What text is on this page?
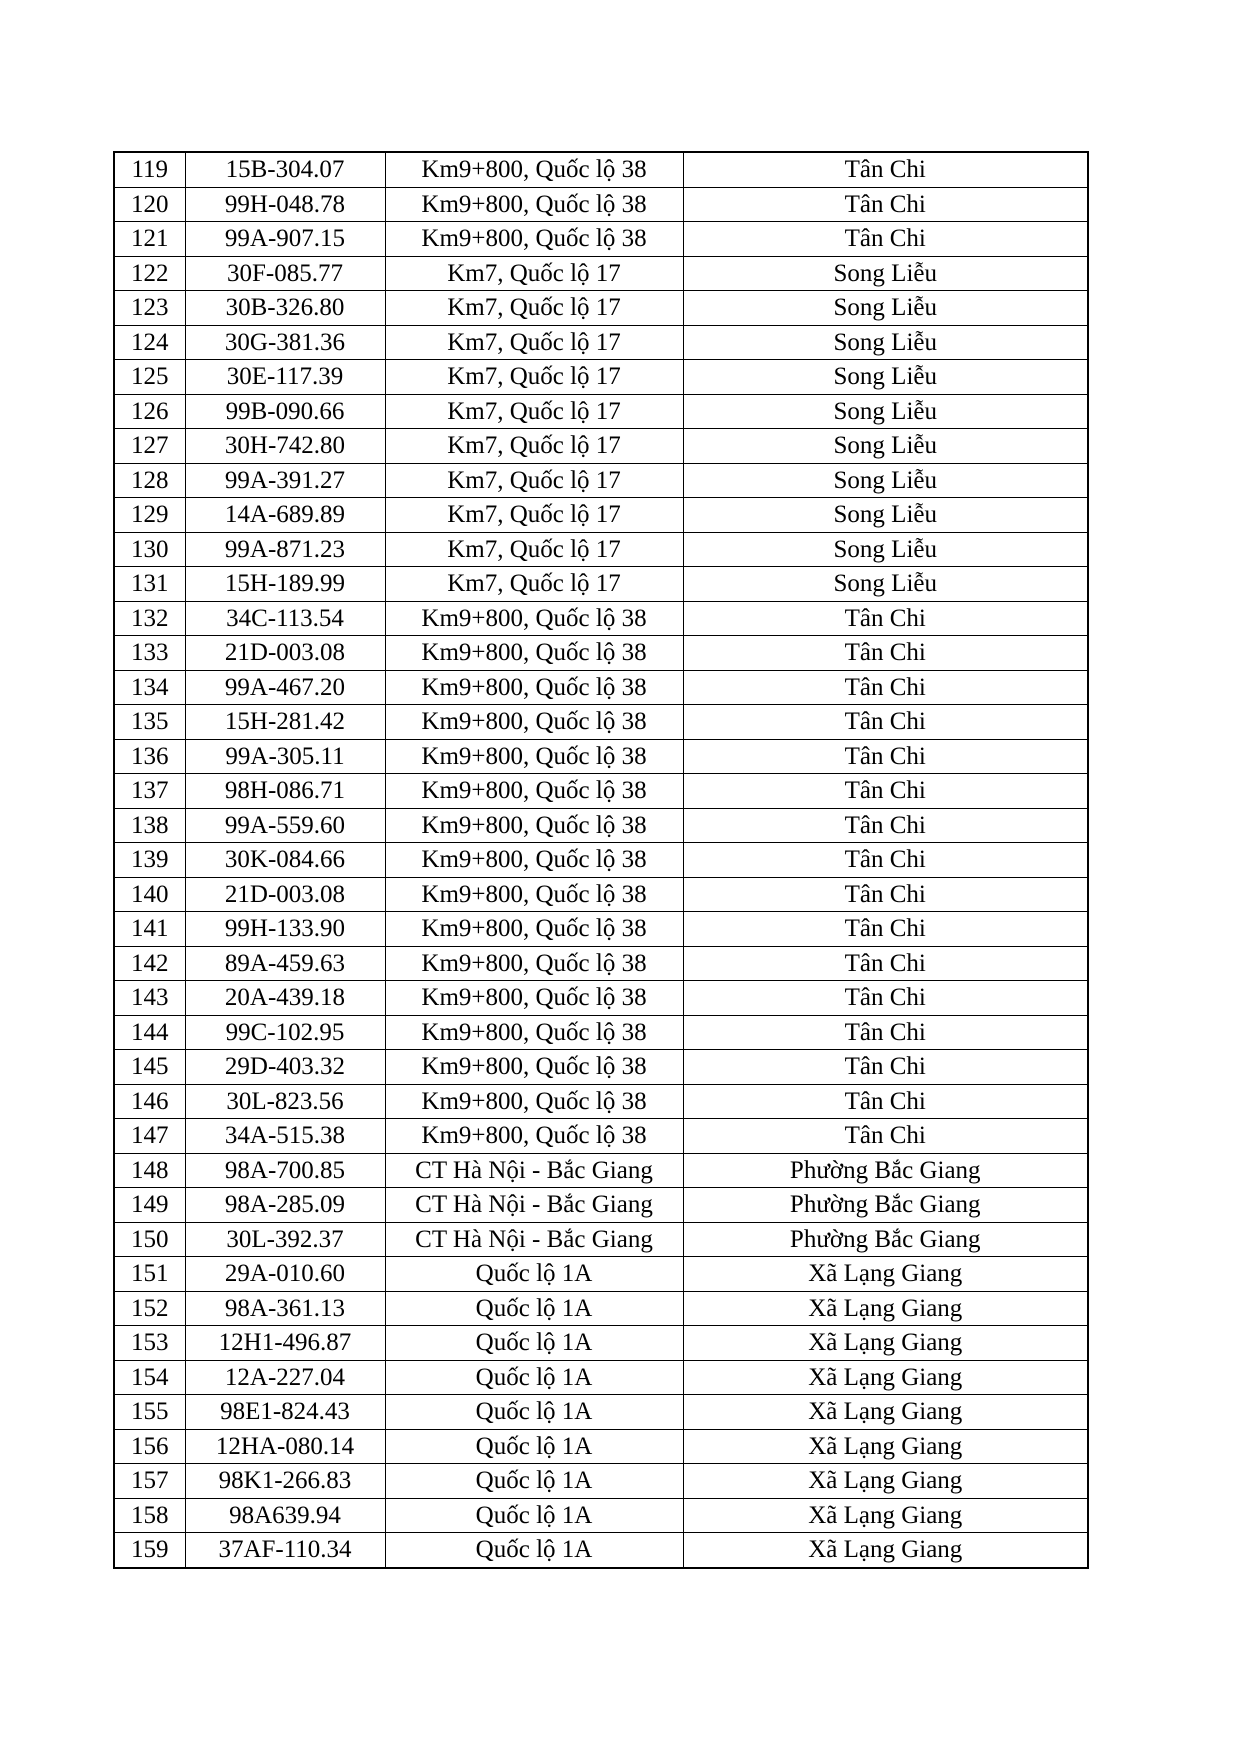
119	15B-304.07	Km9+800, Quốc lộ 38	Tân Chi
120	99H-048.78	Km9+800, Quốc lộ 38	Tân Chi
121	99A-907.15	Km9+800, Quốc lộ 38	Tân Chi
122	30F-085.77	Km7, Quốc lộ 17	Song Liễu
123	30B-326.80	Km7, Quốc lộ 17	Song Liễu
124	30G-381.36	Km7, Quốc lộ 17	Song Liễu
125	30E-117.39	Km7, Quốc lộ 17	Song Liễu
126	99B-090.66	Km7, Quốc lộ 17	Song Liễu
127	30H-742.80	Km7, Quốc lộ 17	Song Liễu
128	99A-391.27	Km7, Quốc lộ 17	Song Liễu
129	14A-689.89	Km7, Quốc lộ 17	Song Liễu
130	99A-871.23	Km7, Quốc lộ 17	Song Liễu
131	15H-189.99	Km7, Quốc lộ 17	Song Liễu
132	34C-113.54	Km9+800, Quốc lộ 38	Tân Chi
133	21D-003.08	Km9+800, Quốc lộ 38	Tân Chi
134	99A-467.20	Km9+800, Quốc lộ 38	Tân Chi
135	15H-281.42	Km9+800, Quốc lộ 38	Tân Chi
136	99A-305.11	Km9+800, Quốc lộ 38	Tân Chi
137	98H-086.71	Km9+800, Quốc lộ 38	Tân Chi
138	99A-559.60	Km9+800, Quốc lộ 38	Tân Chi
139	30K-084.66	Km9+800, Quốc lộ 38	Tân Chi
140	21D-003.08	Km9+800, Quốc lộ 38	Tân Chi
141	99H-133.90	Km9+800, Quốc lộ 38	Tân Chi
142	89A-459.63	Km9+800, Quốc lộ 38	Tân Chi
143	20A-439.18	Km9+800, Quốc lộ 38	Tân Chi
144	99C-102.95	Km9+800, Quốc lộ 38	Tân Chi
145	29D-403.32	Km9+800, Quốc lộ 38	Tân Chi
146	30L-823.56	Km9+800, Quốc lộ 38	Tân Chi
147	34A-515.38	Km9+800, Quốc lộ 38	Tân Chi
148	98A-700.85	CT Hà Nội - Bắc Giang	Phường Bắc Giang
149	98A-285.09	CT Hà Nội - Bắc Giang	Phường Bắc Giang
150	30L-392.37	CT Hà Nội - Bắc Giang	Phường Bắc Giang
151	29A-010.60	Quốc lộ 1A	Xã Lạng Giang
152	98A-361.13	Quốc lộ 1A	Xã Lạng Giang
153	12H1-496.87	Quốc lộ 1A	Xã Lạng Giang
154	12A-227.04	Quốc lộ 1A	Xã Lạng Giang
155	98E1-824.43	Quốc lộ 1A	Xã Lạng Giang
156	12HA-080.14	Quốc lộ 1A	Xã Lạng Giang
157	98K1-266.83	Quốc lộ 1A	Xã Lạng Giang
158	98A639.94	Quốc lộ 1A	Xã Lạng Giang
159	37AF-110.34	Quốc lộ 1A	Xã Lạng Giang
